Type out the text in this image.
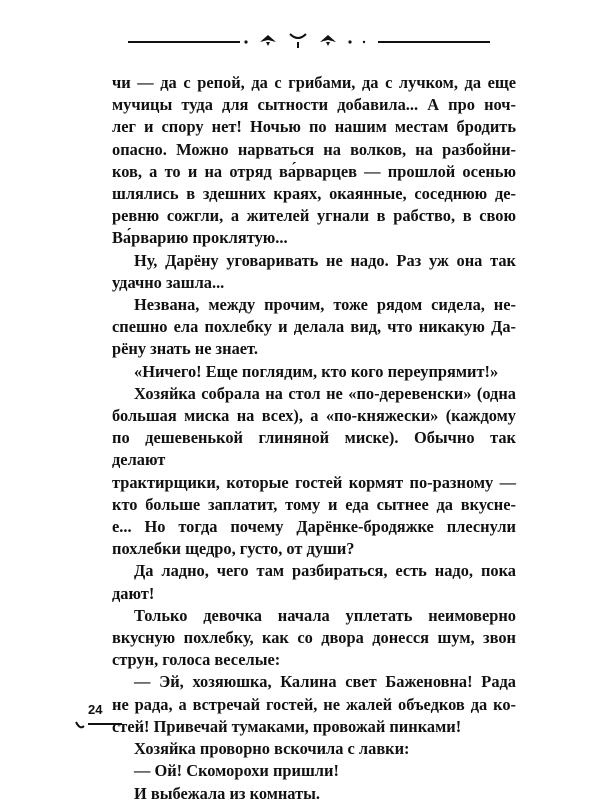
чи — да с репой, да с грибами, да с лучком, да еще
мучицы туда для сытности добавила... А про ноч-
лег и спору нет! Ночью по нашим местам бродить
опасно. Можно нарваться на волков, на разбойни-
ков, а то и на отряд ва́рварцев — прошлой осенью
шлялись в здешних краях, окаянные, соседнюю де-
ревню сожгли, а жителей угнали в рабство, в свою
Ва́рварию проклятую...

Ну, Дарёну уговаривать не надо. Раз уж она так
удачно зашла...

Незвана, между прочим, тоже рядом сидела, не-
спешно ела похлебку и делала вид, что никакую Да-
рёну знать не знает.

«Ничего! Еще поглядим, кто кого переупрямит!»

Хозяйка собрала на стол не «по-деревенски» (одна
большая миска на всех), а «по-княжески» (каждому
по дешевенькой глиняной миске). Обычно так делают
трактирщики, которые гостей кормят по-разному —
кто больше заплатит, тому и еда сытнее да вкусне-
е... Но тогда почему Дарёнке-бродяжке плеснули
похлебки щедро, густо, от души?

Да ладно, чего там разбираться, есть надо, пока
дают!

Только девочка начала уплетать неимоверно
вкусную похлебку, как со двора донесся шум, звон
струн, голоса веселые:

— Эй, хозяюшка, Калина свет Баженовна! Рада
не рада, а встречай гостей, не жалей объедков да ко-
стей! Привечай тумаками, провожай пинками!

Хозяйка проворно вскочила с лавки:

— Ой! Скоморохи пришли!

И выбежала из комнаты.

24
